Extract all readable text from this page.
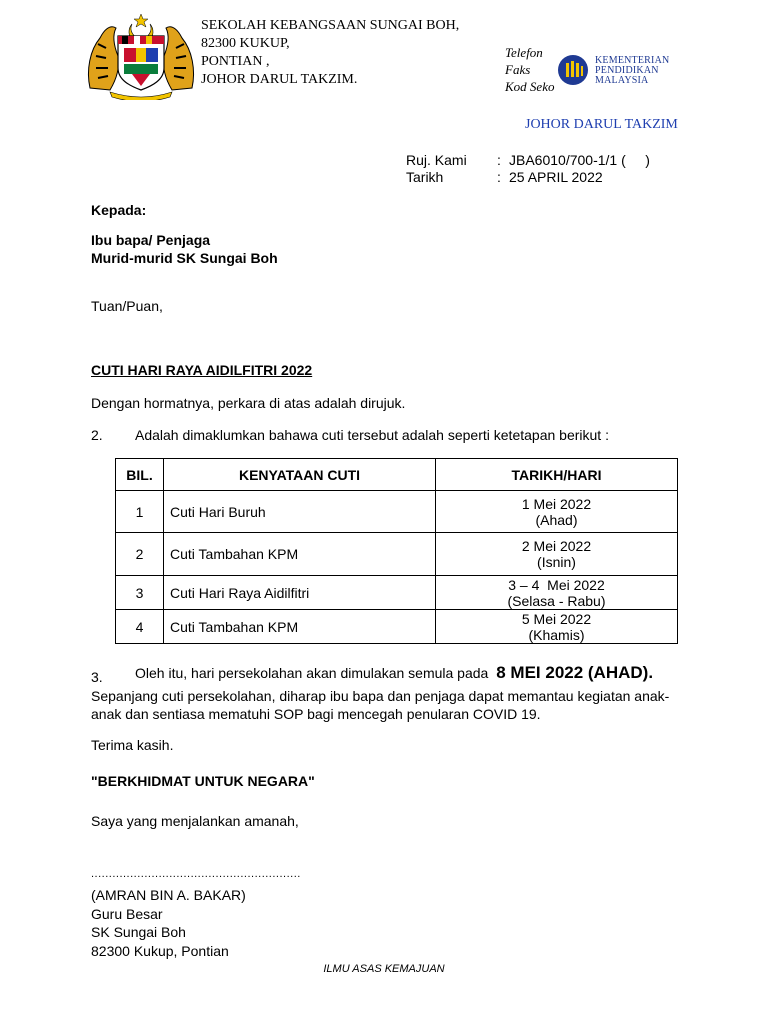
SEKOLAH KEBANGSAAN SUNGAI BOH,
82300 KUKUP,
PONTIAN ,
JOHOR DARUL TAKZIM.
Telefon
Faks
Kod Seko
KEMENTERIAN
PENDIDIKAN
MALAYSIA
JOHOR DARUL TAKZIM
Ruj. Kami : JBA6010/700-1/1 (     )
Tarikh	: 25 APRIL 2022
Kepada:
Ibu bapa/ Penjaga
Murid-murid SK Sungai Boh
Tuan/Puan,
CUTI HARI RAYA AIDILFITRI 2022
Dengan hormatnya, perkara di atas adalah dirujuk.
2. Adalah dimaklumkan bahawa cuti tersebut adalah seperti ketetapan berikut :
BIL.	KENYATAAN CUTI	TARIKH/HARI
1	Cuti Hari Buruh	1 Mei 2022
(Ahad)

2	Cuti Tambahan KPM	2 Mei 2022
(Isnin)

3	Cuti Hari Raya Aidilfitri	3 – 4  Mei 2022
(Selasa - Rabu)

4	Cuti Tambahan KPM	5 Mei 2022
(Khamis)
3. Oleh itu, hari persekolahan akan dimulakan semula pada 8 MEI 2022 (AHAD).
Sepanjang cuti persekolahan, diharap ibu bapa dan penjaga dapat memantau kegiatan anak-
anak dan sentiasa mematuhi SOP bagi mencegah penularan COVID 19.
Terima kasih.
"BERKHIDMAT UNTUK NEGARA"
Saya yang menjalankan amanah,
...........................................................
(AMRAN BIN A. BAKAR)
Guru Besar
SK Sungai Boh
82300 Kukup, Pontian
ILMU ASAS KEMAJUAN
